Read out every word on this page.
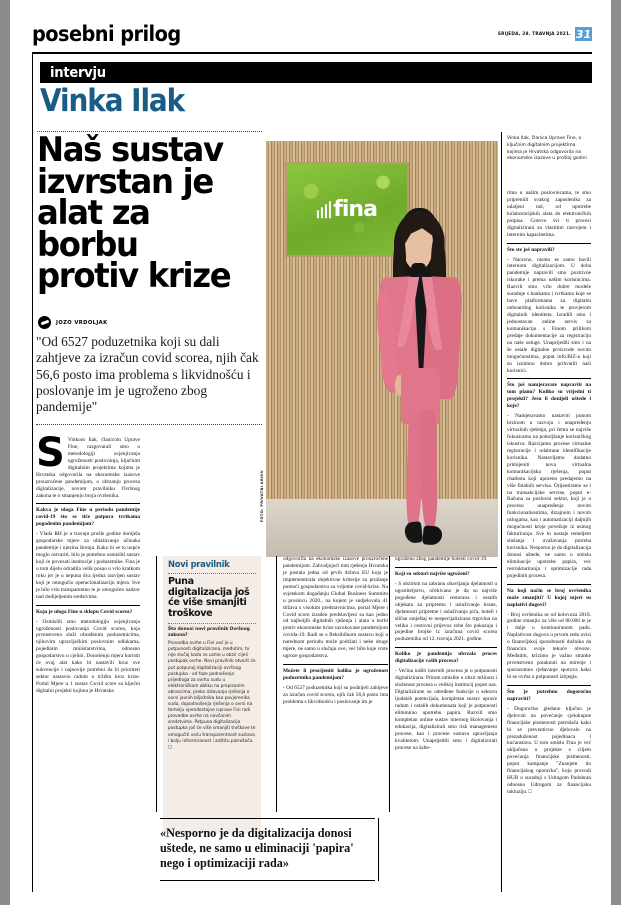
posebni prilog	SRIJEDA, 28. TRAVNJA 2021. 31
intervju
Vinka Ilak
Naš sustav izvrstan je alat za borbu protiv krize
JOZO VRDOLJAK
"Od 6527 poduzetnika koji su dali zahtjeve za izračun covid scorea, njih čak 56,6 posto ima problema s likvidnošću i poslovanje im je ugroženo zbog pandemije"
fina
FOTO: PRIVATNI ARHIV
Vinka Ilak, članica Uprave Fine, o ključnim digitalnim projektima kojima je Hrvatska odgovorila na ekonomske izazove u prošloj godini

S Vinkom Ilak, članicom Uprave Fine, razgovarali smo o metodologiji ocjenjivanja ugroženosti poslovanja, ključnim digitalnim projektima kojima je Hrvatska odgovorila na ekonomske izazove prouzročene pandemijom, o ubrzanju procesa digitalizacije, novom pravilniku Ovršnog zakona te o smanjenju broja ovršenika.

Kakva je uloga Fine u periodu pandemije covid-19 što se tiče potpora tvrtkama pogođenim pandemijom?

- Vlada RH je u travnju prošle godine donijela gospodarske mjere za ublažavanje učinaka pandemije i njezina širenja. Kako bi se to uopće moglo ostvariti, bilo je potrebno osmisliti sustav koji će povezati institucije i poduzetnike. Fina je u tom dijelu odradila velik posao u vrlo kratkom roku jer je u nepuna dva tjedna razvijen sustav koji je omogućio operacionalizaciju mjera. Sve je bilo vrlo transparentno te je omogućen nadzor nad dodijeljenim sredstvima.

Koja je uloga Fine u sklopu Covid scorea?

- Osmislili smo metodologiju ocjenjivanja ugroženosti poslovanja Covid scorea, koja prvenstveno služi obrađenim poduzetnicima, njihovim upravljačkim poslovnim odlukama, pojedinim ministarstvima, odnosno gospodarstvu u cjelini. Donošenju mjera koristit će ovaj alat kako bi nastavili kroz sve subvencije i najnovije potrebni da bi prioriteti sektor nastavio radom u tržištu kroz krize. Portal Mjere u 1 sustav Covid score su ključni digitalni projekti kojima je Hrvatska

Novi pravilnik
Puna digitalizacija još će više smanjiti troškove
Što donosi novi pravilnik Ovršnog zakona?
Provedba ovrhe u Fini već je u potpunosti digitalizirana, međutim, to nije slučaj kada se uzme u obzir cijeli postupak ovrhe. Novi pravilnik otvorit će put potpunoj digitalizaciji ovršnog postupka - od faze podnošenja prijedloga za ovrhu sudu u elektroničkom obliku na propisanim obrascima, preko izdavanja rješenja o ovrsi javnih bilježnika kao povjerenika suda, dopodnošenja rješenja o ovrsi na temelju vjerodostojne isprave Fini radi provedbe ovrhe na novčanim sredstvima. Potpuna digitalizacija postupka još će više smanjiti troškove te omogućiti veću transparentnost sustava i bolju informiranost i zaštitu potrošača. □

odgovorila na ekonomske izazove prouzročene pandemijom. Zahvaljujući tom rješenju Hrvatska je postala jedna od prvih država EU koja je implementirala objektivne kriterije za pružanje pomoći gospodarstvu za vrijeme covid-krize. Na svjetskom događanju Global Business Summitu u prosincu 2020., na kojem je sudjelovala 41 država s visokim predstavnicima, portal Mjere i Covid score izrađen predstavljeni su kao jedno od najboljih digitalnih rješenja i alata u borbi protiv ekonomske krize uzrokovane pandemijom covida-19. Radi se o fleksibilnom sustavu koji u narednom periodu može podržati i neke druge mjere, ne samo u slučaju ove, već bilo koje vrste ugroze gospodarstva.

Možete li procijeniti kolika je ugroženost poduzetnika pandemijom?

- Od 6527 poduzetnika koji su podnijeli zahtjeve za izračun covid scorea, njih čak 56,6 posto ima problema s likvidnošću i poslovanje im je

ugroženo zbog pandemije bolesti covid-19.

Koji su sektori najviše ugroženi?

- S obzirom na zabranu obavljanja djelatnosti u ugostiteljstvu, očekivano je da su najviše pogođene djelatnosti restorana i ostalih objekata za pripremu i usluživanje hrane, djelatnosti pripreme i usluživanja pića, hoteli i sličan smještaj te nespecijalizirana trgovina na veliko i cestovni prijevoz robe što pokazuju i pojedine brojke iz izračuna covid scorea poduzetnika od 12. travnja 2021. godine.

Koliko je pandemija ubrzala proces digitalizacije vaših procesa?

- Većina naših internih procesa je u potpunosti digitalizirana. Pritom umislite u obzir težinost i složenost procesa u velikoj institucij poput nas. Digitalizirane su određene funkcije u sektoru ljudskih potencijala, kompletan sustav uprave radom i ostalih dokumenata koji je potpunosti eliminirao upotrebu papira. Razvili smo kompletan online sustav internog školovanja i edukacija, digitalizirali smo risk management procese, kao i procese sustava upravljanja kvalitetom. Unaprijedili smo i digitalizirali procese na šalte-

rima u našim poslovnicama, te smo pripremili svakog zaposlenika za udaljeni rad, od upotrebe kolaboracijskih alata do elektroničkih potpisa. Gotovo svi ti procesi digitalizirani su vlastitim razvojem i internim kapacitetima.

Što ste još napravili?

- Naravno, nismo se samo bavili internom digitalizacijom. U doba pandemije napravili smo pozitivne iskorake i prema našim korisnicima. Razvili smo vrlo dobre modele suradnje s bankama i tvrtkama koje se bave platformama za digitalni onboarding korisnika te provjerom digitalnih identiteta. Izradili smo i jednostavan online servis za komunikaciju s Finom prilikom predaje dokumentacije za registraciju na naše usluge. Unaprijedili smo i na še ostale digitalne proizvode novim mogućnostima, poput info.BIZ-a koji su iznimno dobro prihvatili naši korisnici.

Što još namjeravate napraviti na tom planu? Koliko su vrijedni ti projekti? Jesu li donijeli uštede i koje?

- Namjeravamo nastaviti punom brzinom u razvoju i unapređenju virtualnih rješenja, pri čemu se najviše fokusiramo na poboljšanje korisničkog iskustva. Razvijamo procese virtualne registracije i odabrane identifikacije korisnika. Nastavljamo dodatno primijeniti nova virtualna komunikacijska rješenja, poput chatbota koji uporeno predajemo na više finalnih servisa. Orijentiramo se i na transakcijske servise, poput e-Računa za poslovni sektor, koji je u procesu unapređenja novim funkcionalnostima, dizajnom i novim uslugama, kao i automatizaciji daljnjih mogućnosti kroje povežuje iz usmog fakturiranja. Sve to nastaje temeljem slušanja i uvažavanja potreba korisnika. Nesporno je da digitalizacija donosi uštede, ne samo u smislu eliminacije upotrebe papira, već restrukturiranja i optimizacije rada pojedinih procesa.

Na koji način se broj ovršenika može smanjiti? U kojoj mjeri su naplativi dugovi?

- Broj ovršenika se od kolovoza 2018. godine smanjio za više od 80.000 te je i dalje u kontinuiranom padu. Naplativost dugova u prvom redu ovisi o financijskoj sposobnosti dužnika da financira svoje tekuće obveze. Međutim, krizimo je važno stranke prvenstveno potaknuti na mirenje i sporazumno rješavanje sporova kako bi se ovrha u potpunosti izbjegla.

Što je potrebno dugoročno napraviti?

- Dugoročno gledano ključno je djelovati na povećanje cjelokupne financijske pismenosti potrošača kako bi se preventivno djelovalo na prezaduženost pojedinaca i kućanstava. U tom smislu Fina je već uključena u projekte s ciljem povećanja financijske pismenosti, poput kampanje "Znanjem do financijskog oporavka", koju provodi HUB u suradnji s Udrugom Padobran odnosno Udrugom za financijsku inkluziju. □

«Nesporno je da digitalizacija donosi uštede, ne samo u eliminaciji 'papira' nego i optimizaciji rada»
